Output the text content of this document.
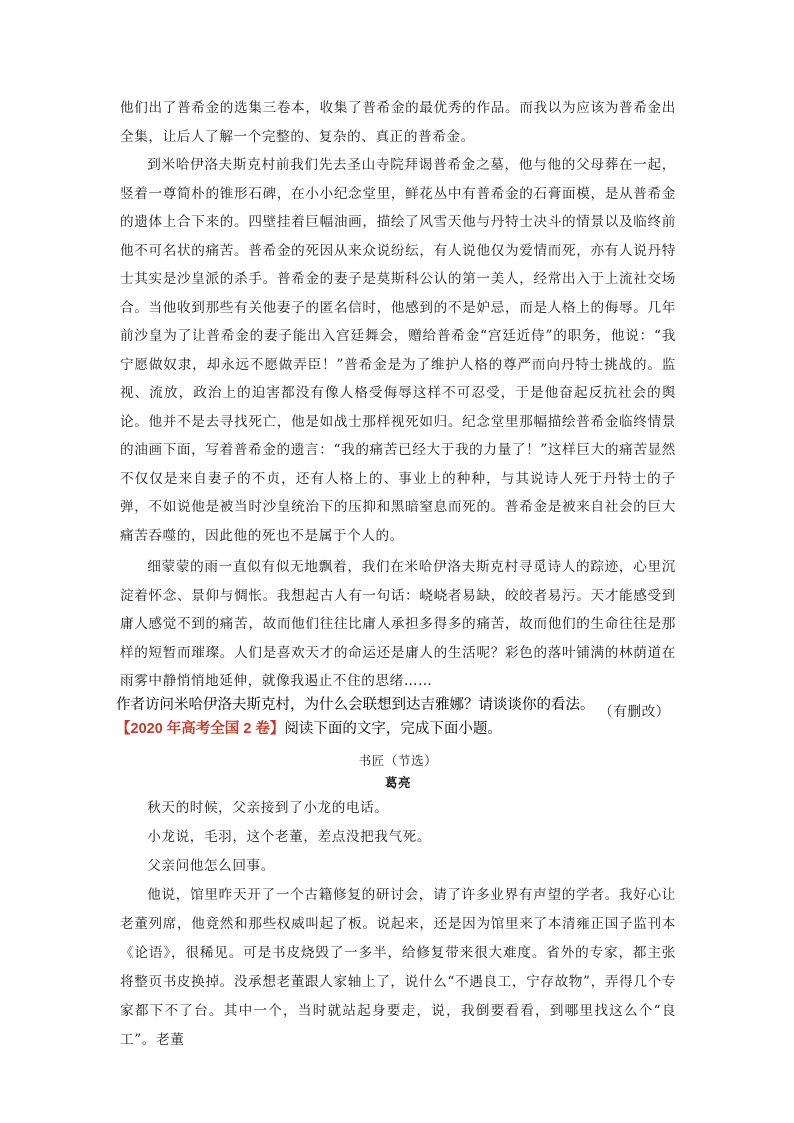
他们出了普希金的选集三卷本，收集了普希金的最优秀的作品。而我以为应该为普希金出全集，让后人了解一个完整的、复杂的、真正的普希金。

到米哈伊洛夫斯克村前我们先去圣山寺院拜谒普希金之墓，他与他的父母葬在一起，竖着一尊简朴的锥形石碑，在小小纪念堂里，鲜花丛中有普希金的石膏面模，是从普希金的遗体上合下来的。四壁挂着巨幅油画，描绘了风雪天他与丹特士决斗的情景以及临终前他不可名状的痛苦。普希金的死因从来众说纷纭，有人说他仅为爱情而死，亦有人说丹特士其实是沙皇派的杀手。普希金的妻子是莫斯科公认的第一美人，经常出入于上流社交场合。当他收到那些有关他妻子的匿名信时，他感到的不是妒忌，而是人格上的侮辱。几年前沙皇为了让普希金的妻子能出入宫廷舞会，赠给普希金“宫廷近侍”的职务，他说：“我宁愿做奴隶，却永远不愿做弄臣！”普希金是为了维护人格的尊严而向丹特士挑战的。监视、流放，政治上的迫害都没有像人格受侮辱这样不可忍受，于是他奋起反抗社会的舆论。他并不是去寻找死亡，他是如战士那样视死如归。纪念堂里那幅描绘普希金临终情景的油画下面，写着普希金的遗言：“我的痛苦已经大于我的力量了！”这样巨大的痛苦显然不仅仅是来自妻子的不贞，还有人格上的、事业上的种种，与其说诗人死于丹特士的子弹，不如说他是被当时沙皇统治下的压抑和黑暗窒息而死的。普希金是被来自社会的巨大痛苦吞噬的，因此他的死也不是属于个人的。

细蒙蒙的雨一直似有似无地飘着，我们在米哈伊洛夫斯克村寻觅诗人的踪迹，心里沉淀着怀念、景仰与惆怅。我想起古人有一句话：峣峣者易缺，皎皎者易污。天才能感受到庸人感觉不到的痛苦，故而他们往往比庸人承担多得多的痛苦，故而他们的生命往往是那样的短暂而璀璨。人们是喜欢天才的命运还是庸人的生活呢？彩色的落叶铺满的林荫道在雨雾中静悄悄地延伸，就像我遏止不住的思绪……

（有删改）

作者访问米哈伊洛夫斯克村，为什么会联想到达吉雅娜？请谈谈你的看法。

【2020 年高考全国 2 卷】阅读下面的文字，完成下面小题。

书匠（节选）

葛亮

秋天的时候，父亲接到了小龙的电话。

小龙说，毛羽，这个老董，差点没把我气死。

父亲问他怎么回事。

他说，馆里昨天开了一个古籍修复的研讨会，请了许多业界有声望的学者。我好心让老董列席，他竟然和那些权威叫起了板。说起来，还是因为馆里来了本清雍正国子监刊本《论语》，很稀见。可是书皮烧毁了一多半，给修复带来很大难度。省外的专家，都主张将整页书皮换掉。没承想老董跟人家轴上了，说什么“不遇良工，宁存故物”，弄得几个专家都下不了台。其中一个，当时就站起身要走，说，我倒要看看，到哪里找这么个“良工”。老董
